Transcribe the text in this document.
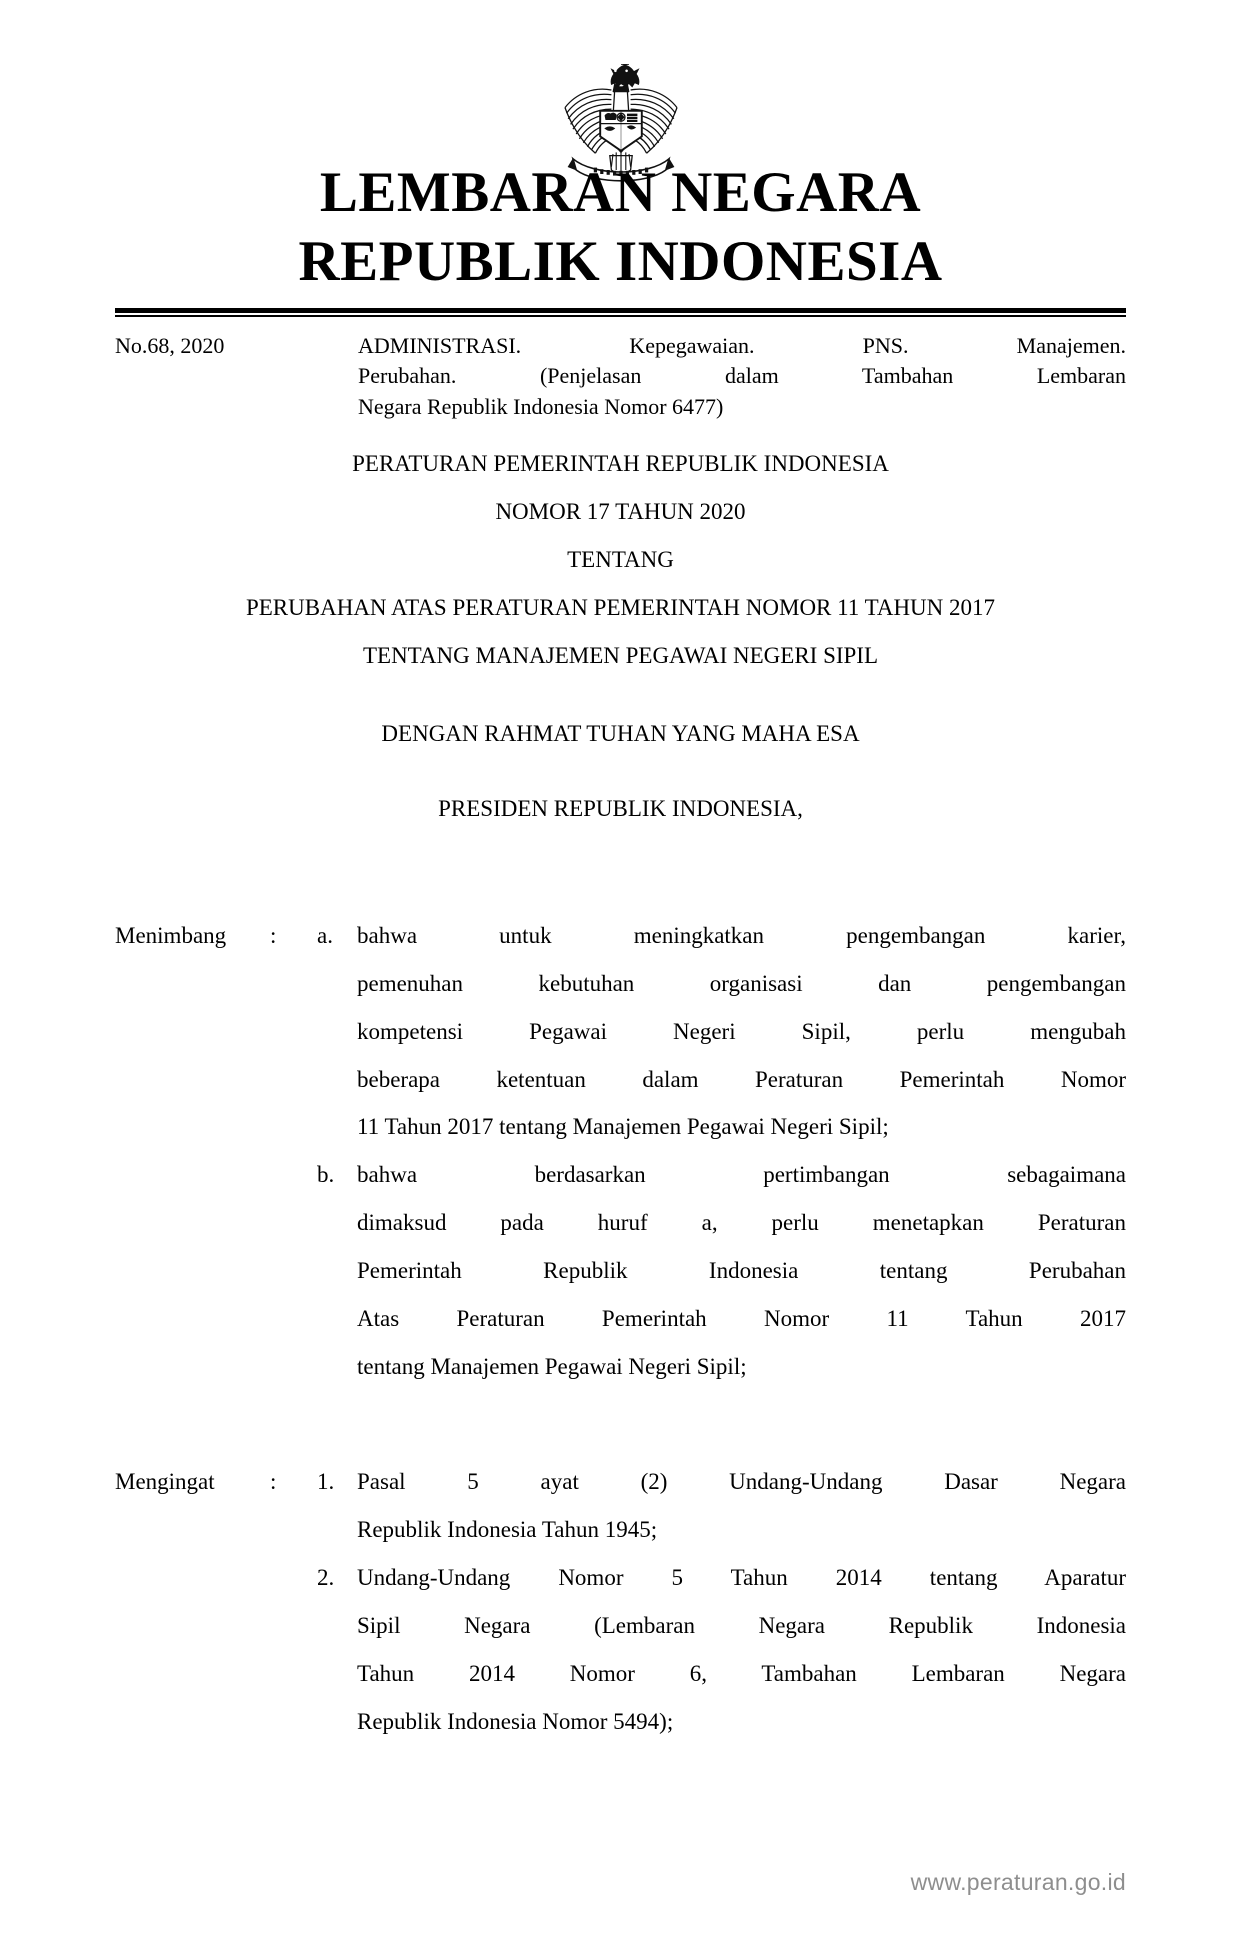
LEMBARAN NEGARA
REPUBLIK INDONESIA
No.68, 2020	ADMINISTRASI. Kepegawaian. PNS. Manajemen.
Perubahan. (Penjelasan dalam Tambahan Lembaran
Negara Republik Indonesia Nomor 6477)
PERATURAN PEMERINTAH REPUBLIK INDONESIA
NOMOR 17 TAHUN 2020
TENTANG
PERUBAHAN ATAS PERATURAN PEMERINTAH NOMOR 11 TAHUN 2017
TENTANG MANAJEMEN PEGAWAI NEGERI SIPIL
DENGAN RAHMAT TUHAN YANG MAHA ESA
PRESIDEN REPUBLIK INDONESIA,
Menimbang	:	a.	bahwa untuk meningkatkan pengembangan karier,
pemenuhan kebutuhan organisasi dan pengembangan
kompetensi Pegawai Negeri Sipil, perlu mengubah
beberapa ketentuan dalam Peraturan Pemerintah Nomor
11 Tahun 2017 tentang Manajemen Pegawai Negeri Sipil;
b. bahwa berdasarkan pertimbangan sebagaimana
dimaksud pada huruf a, perlu menetapkan Peraturan
Pemerintah Republik Indonesia tentang Perubahan
Atas Peraturan Pemerintah Nomor 11 Tahun 2017
tentang Manajemen Pegawai Negeri Sipil;
Mengingat	:	1. Pasal 5 ayat (2) Undang-Undang Dasar Negara
Republik Indonesia Tahun 1945;
2. Undang-Undang Nomor 5 Tahun 2014 tentang Aparatur
Sipil Negara (Lembaran Negara Republik Indonesia
Tahun 2014 Nomor 6, Tambahan Lembaran Negara
Republik Indonesia Nomor 5494);
www.peraturan.go.id
